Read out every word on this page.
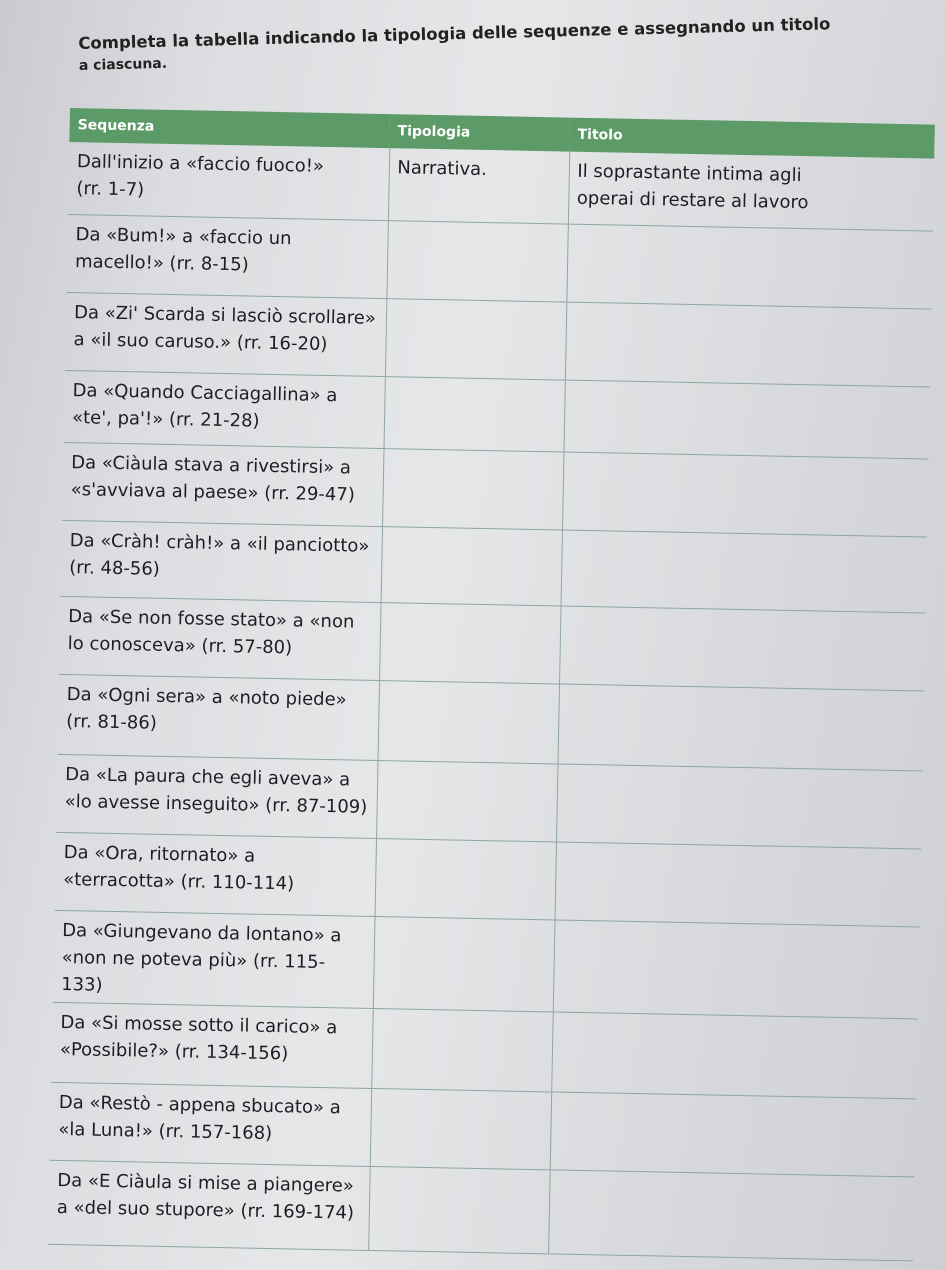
Completa la tabella indicando la tipologia delle sequenze e assegnando un titolo
a ciascuna.
Sequenza	Tipologia	Titolo

Dall'inizio a «faccio fuoco!»
(rr. 1-7)	Narrativa.	Il soprastante intima agli
operai di restare al lavoro

Da «Bum!» a «faccio un
macello!» (rr. 8-15)		

Da «Zi' Scarda si lasciò scrollare»
a «il suo caruso.» (rr. 16-20)		

Da «Quando Cacciagallina» a
«te', pa'!» (rr. 21-28)		

Da «Ciàula stava a rivestirsi» a
«s'avviava al paese» (rr. 29-47)		

Da «Cràh! cràh!» a «il panciotto»
(rr. 48-56)		

Da «Se non fosse stato» a «non
lo conosceva» (rr. 57-80)		

Da «Ogni sera» a «noto piede»
(rr. 81-86)		

Da «La paura che egli aveva» a
«lo avesse inseguito» (rr. 87-109)		

Da «Ora, ritornato» a
«terracotta» (rr. 110-114)		

Da «Giungevano da lontano» a
«non ne poteva più» (rr. 115-133)		

Da «Si mosse sotto il carico» a
«Possibile?» (rr. 134-156)		

Da «Restò - appena sbucato» a
«la Luna!» (rr. 157-168)		

Da «E Ciàula si mise a piangere»
a «del suo stupore» (rr. 169-174)		
